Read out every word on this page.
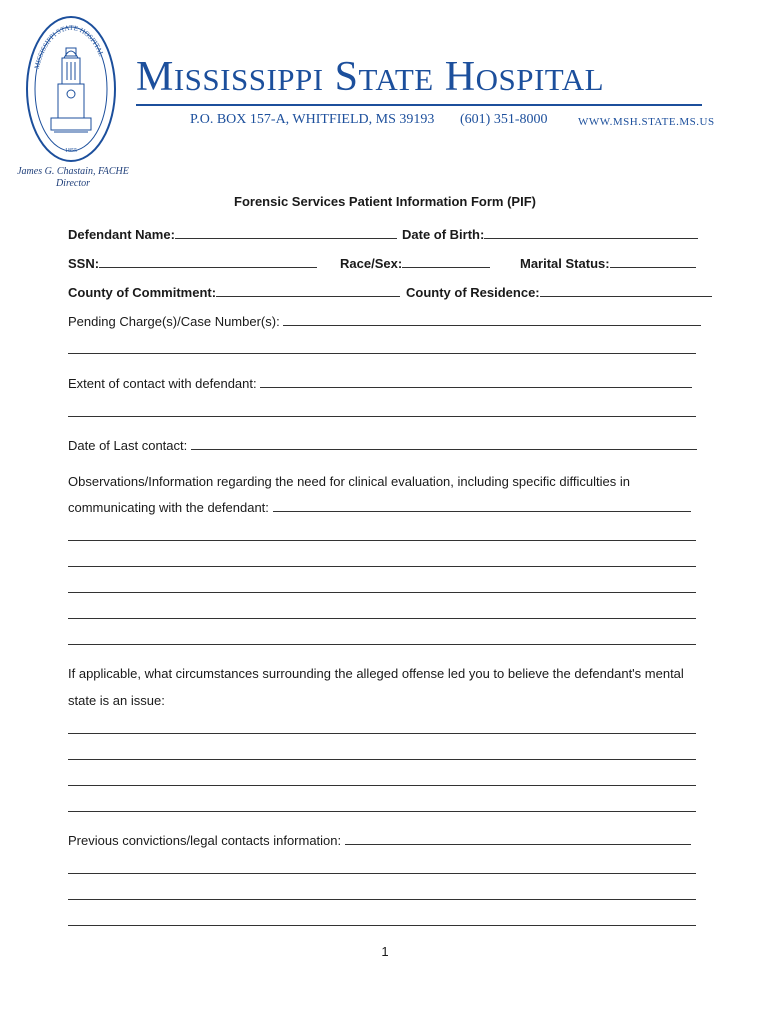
MISSISSIPPI STATE HOSPITAL
1855
James G. Chastain, FACHE
Director
MISSISSIPPI STATE HOSPITAL
P.O. BOX 157-A, WHITFIELD, MS 39193 (601) 351-8000	WWW.MSH.STATE.MS.US
Forensic Services Patient Information Form (PIF)
Defendant Name:	Date of Birth:
SSN:	Race/Sex:	Marital Status:
County of Commitment:	County of Residence:
Pending Charge(s)/Case Number(s):
Extent of contact with defendant:
Date of Last contact:
Observations/Information regarding the need for clinical evaluation, including specific difficulties in
communicating with the defendant:
If applicable, what circumstances surrounding the alleged offense led you to believe the defendant's mental
state is an issue:
Previous convictions/legal contacts information:
1
